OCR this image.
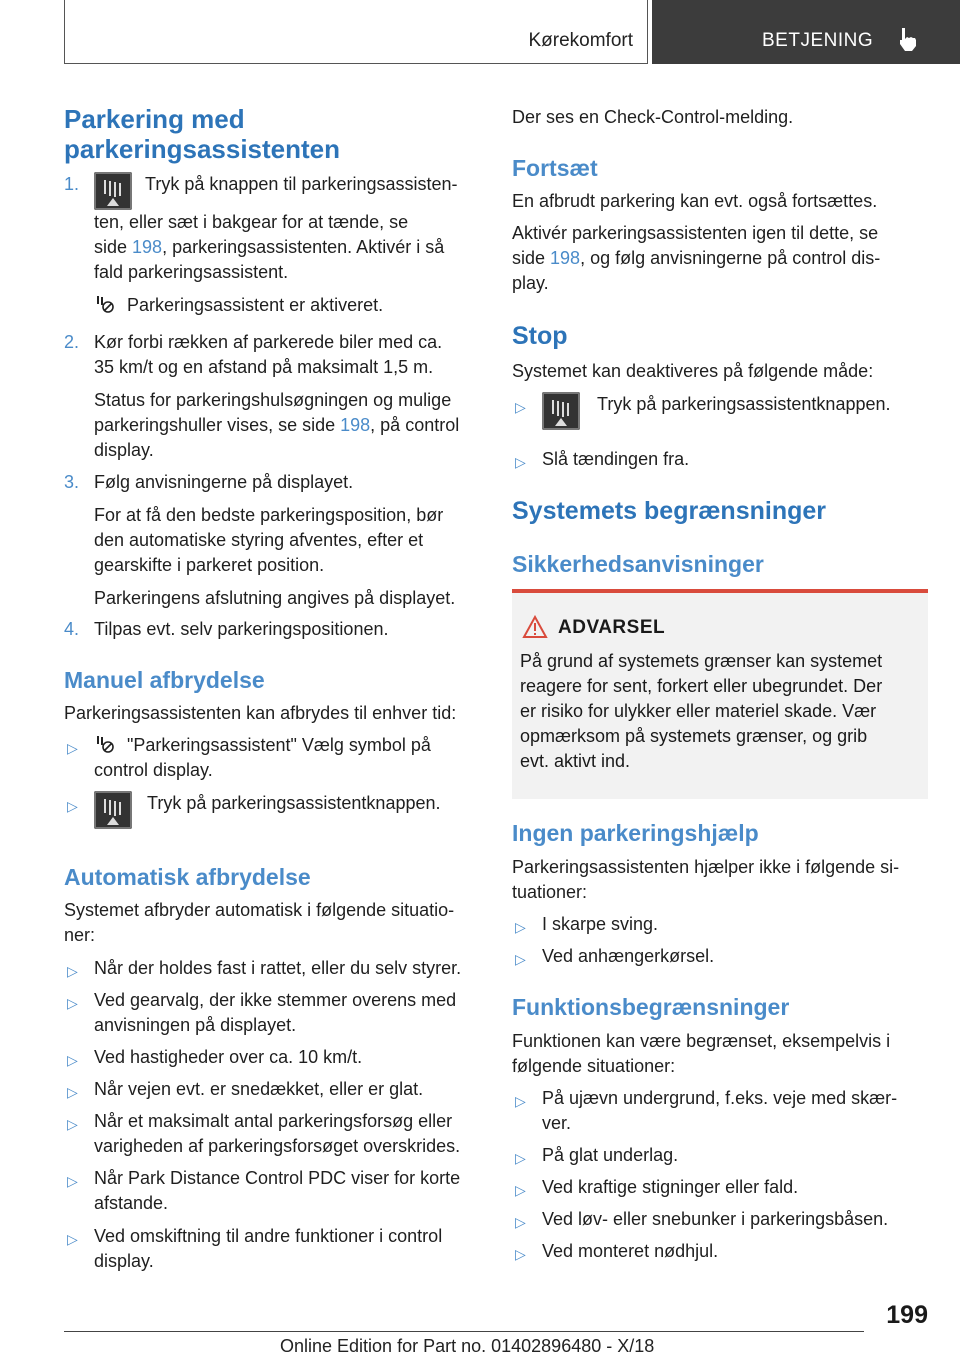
Kørekomfort	BETJENING
Parkering med
parkeringsassistenten
1.	Tryk på knappen til parkeringsassisten-
ten, eller sæt i bakgear for at tænde, se
side 198, parkeringsassistenten. Aktivér i så
fald parkeringsassistent.
Parkeringsassistent er aktiveret.
2. Kør forbi rækken af parkerede biler med ca.
35 km/t og en afstand på maksimalt 1,5 m.
Status for parkeringshulsøgningen og mulige
parkeringshuller vises, se side 198, på control
display.
3. Følg anvisningerne på displayet.
For at få den bedste parkeringsposition, bør
den automatiske styring afventes, efter et
gearskifte i parkeret position.
Parkeringens afslutning angives på displayet.
4. Tilpas evt. selv parkeringspositionen.
Manuel afbrydelse
Parkeringsassistenten kan afbrydes til enhver tid:
▷	"Parkeringsassistent" Vælg symbol på
control display.
▷	Tryk på parkeringsassistentknappen.
Automatisk afbrydelse
Systemet afbryder automatisk i følgende situatio-
ner:
▷ Når der holdes fast i rattet, eller du selv styrer.
▷ Ved gearvalg, der ikke stemmer overens med
anvisningen på displayet.
▷ Ved hastigheder over ca. 10 km/t.
▷ Når vejen evt. er snedækket, eller er glat.
▷ Når et maksimalt antal parkeringsforsøg eller
varigheden af parkeringsforsøget overskrides.
▷ Når Park Distance Control PDC viser for korte
afstande.
▷ Ved omskiftning til andre funktioner i control
display.
Der ses en Check-Control-melding.
Fortsæt
En afbrudt parkering kan evt. også fortsættes.
Aktivér parkeringsassistenten igen til dette, se
side 198, og følg anvisningerne på control dis-
play.
Stop
Systemet kan deaktiveres på følgende måde:
▷	Tryk på parkeringsassistentknappen.
▷ Slå tændingen fra.
Systemets begrænsninger
Sikkerhedsanvisninger
Ingen parkeringshjælp
Parkeringsassistenten hjælper ikke i følgende si-
tuationer:
▷ I skarpe sving.
▷ Ved anhængerkørsel.
Funktionsbegrænsninger
Funktionen kan være begrænset, eksempelvis i
følgende situationer:
▷ På ujævn undergrund, f.eks. veje med skær-
ver.
▷ På glat underlag.
▷ Ved kraftige stigninger eller fald.
▷ Ved løv- eller snebunker i parkeringsbåsen.
▷ Ved monteret nødhjul.
ADVARSEL
På grund af systemets grænser kan systemet
reagere for sent, forkert eller ubegrundet. Der
er risiko for ulykker eller materiel skade. Vær
opmærksom på systemets grænser, og grib
evt. aktivt ind.
199
Online Edition for Part no. 01402896480 - X/18
